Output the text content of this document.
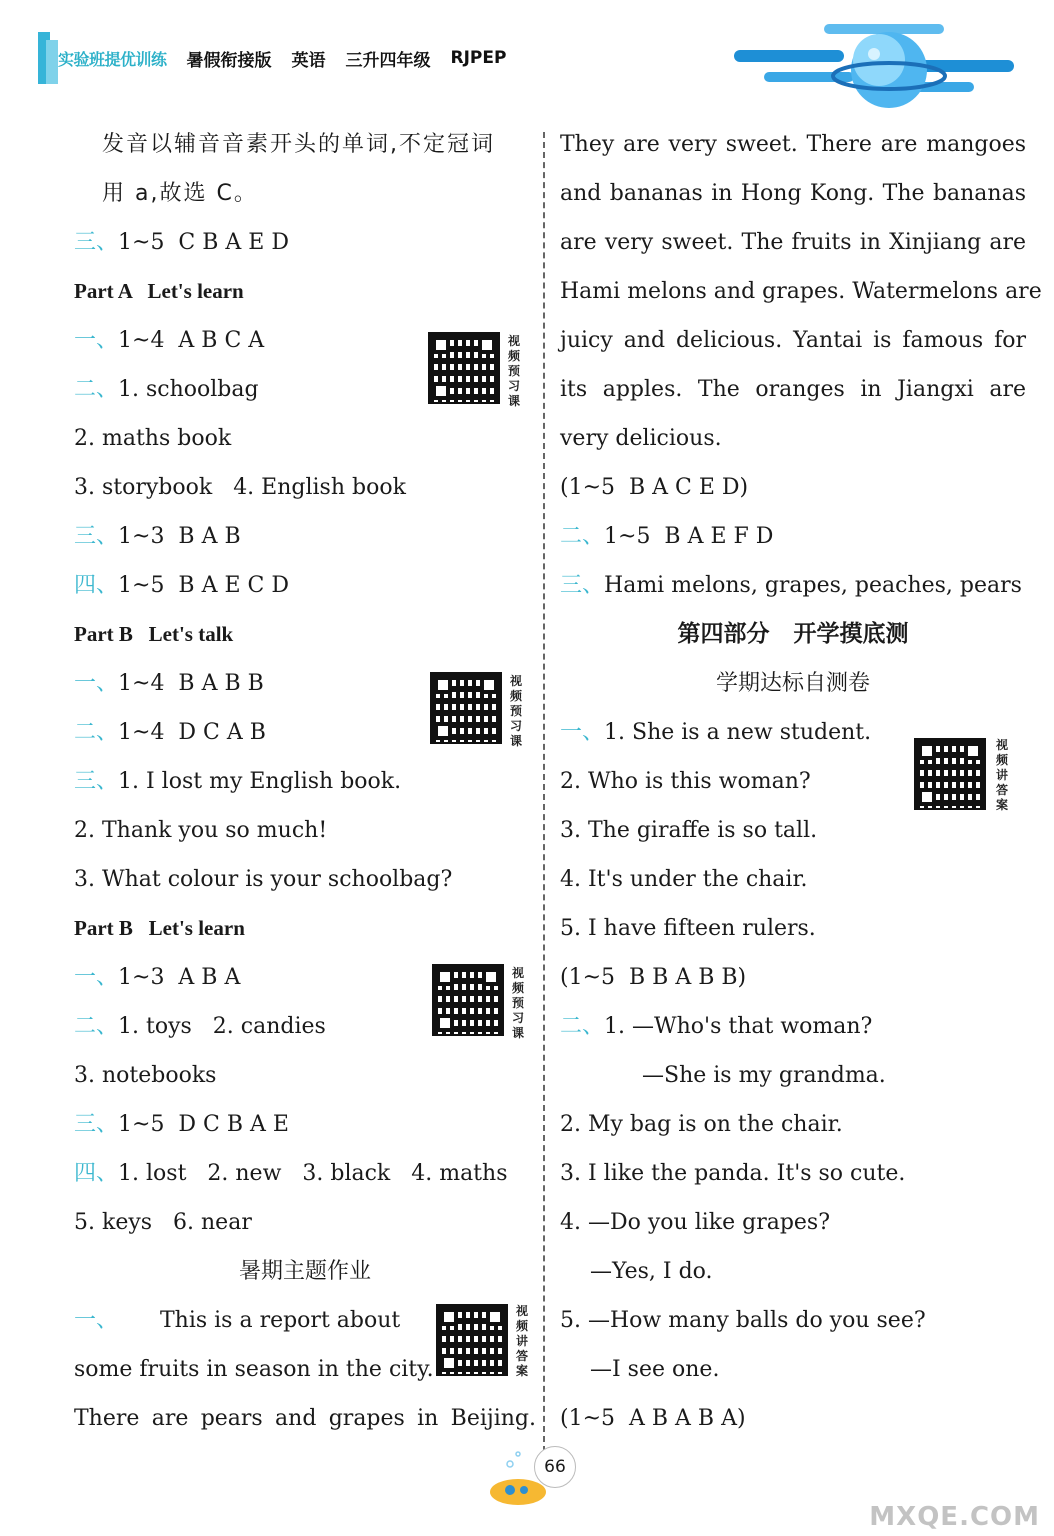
实验班提优训练 暑假衔接版 英语 三升四年级 RJPEP
发音以辅音音素开头的单词,不定冠词
用 a,故选 C。
三、1~5  C B A E D
Part A   Let's learn
一、1~4  A B C A
二、1. schoolbag
2. maths book
3. storybook   4. English book
三、1~3  B A B
四、1~5  B A E C D
Part B   Let's talk
一、1~4  B A B B
二、1~4  D C A B
三、1. I lost my English book.
2. Thank you so much!
3. What colour is your schoolbag?
Part B   Let's learn
一、1~3  A B A
二、1. toys   2. candies
3. notebooks
三、1~5  D C B A E
四、1. lost   2. new   3. black   4. maths
5. keys   6. near
暑期主题作业
一、      This is a report about
some fruits in season in the city.
There are pears and grapes in Beijing.
They are very sweet. There are mangoes
and bananas in Hong Kong. The bananas
are very sweet. The fruits in Xinjiang are
Hami melons and grapes. Watermelons are
juicy and delicious. Yantai is famous for
its apples. The oranges in Jiangxi are
very delicious.
(1~5  B A C E D)
二、1~5  B A E F D
三、Hami melons, grapes, peaches, pears
第四部分   开学摸底测
学期达标自测卷
一、1. She is a new student.
2. Who is this woman?
3. The giraffe is so tall.
4. It's under the chair.
5. I have fifteen rulers.
(1~5  B B A B B)
二、1. —Who's that woman?
—She is my grandma.
2. My bag is on the chair.
3. I like the panda. It's so cute.
4. —Do you like grapes?
—Yes, I do.
5. —How many balls do you see?
—I see one.
(1~5  A B A B A)
视频预习课
视频预习课
视频预习课
视频讲答案
视频讲答案
66
MXQE.COM
